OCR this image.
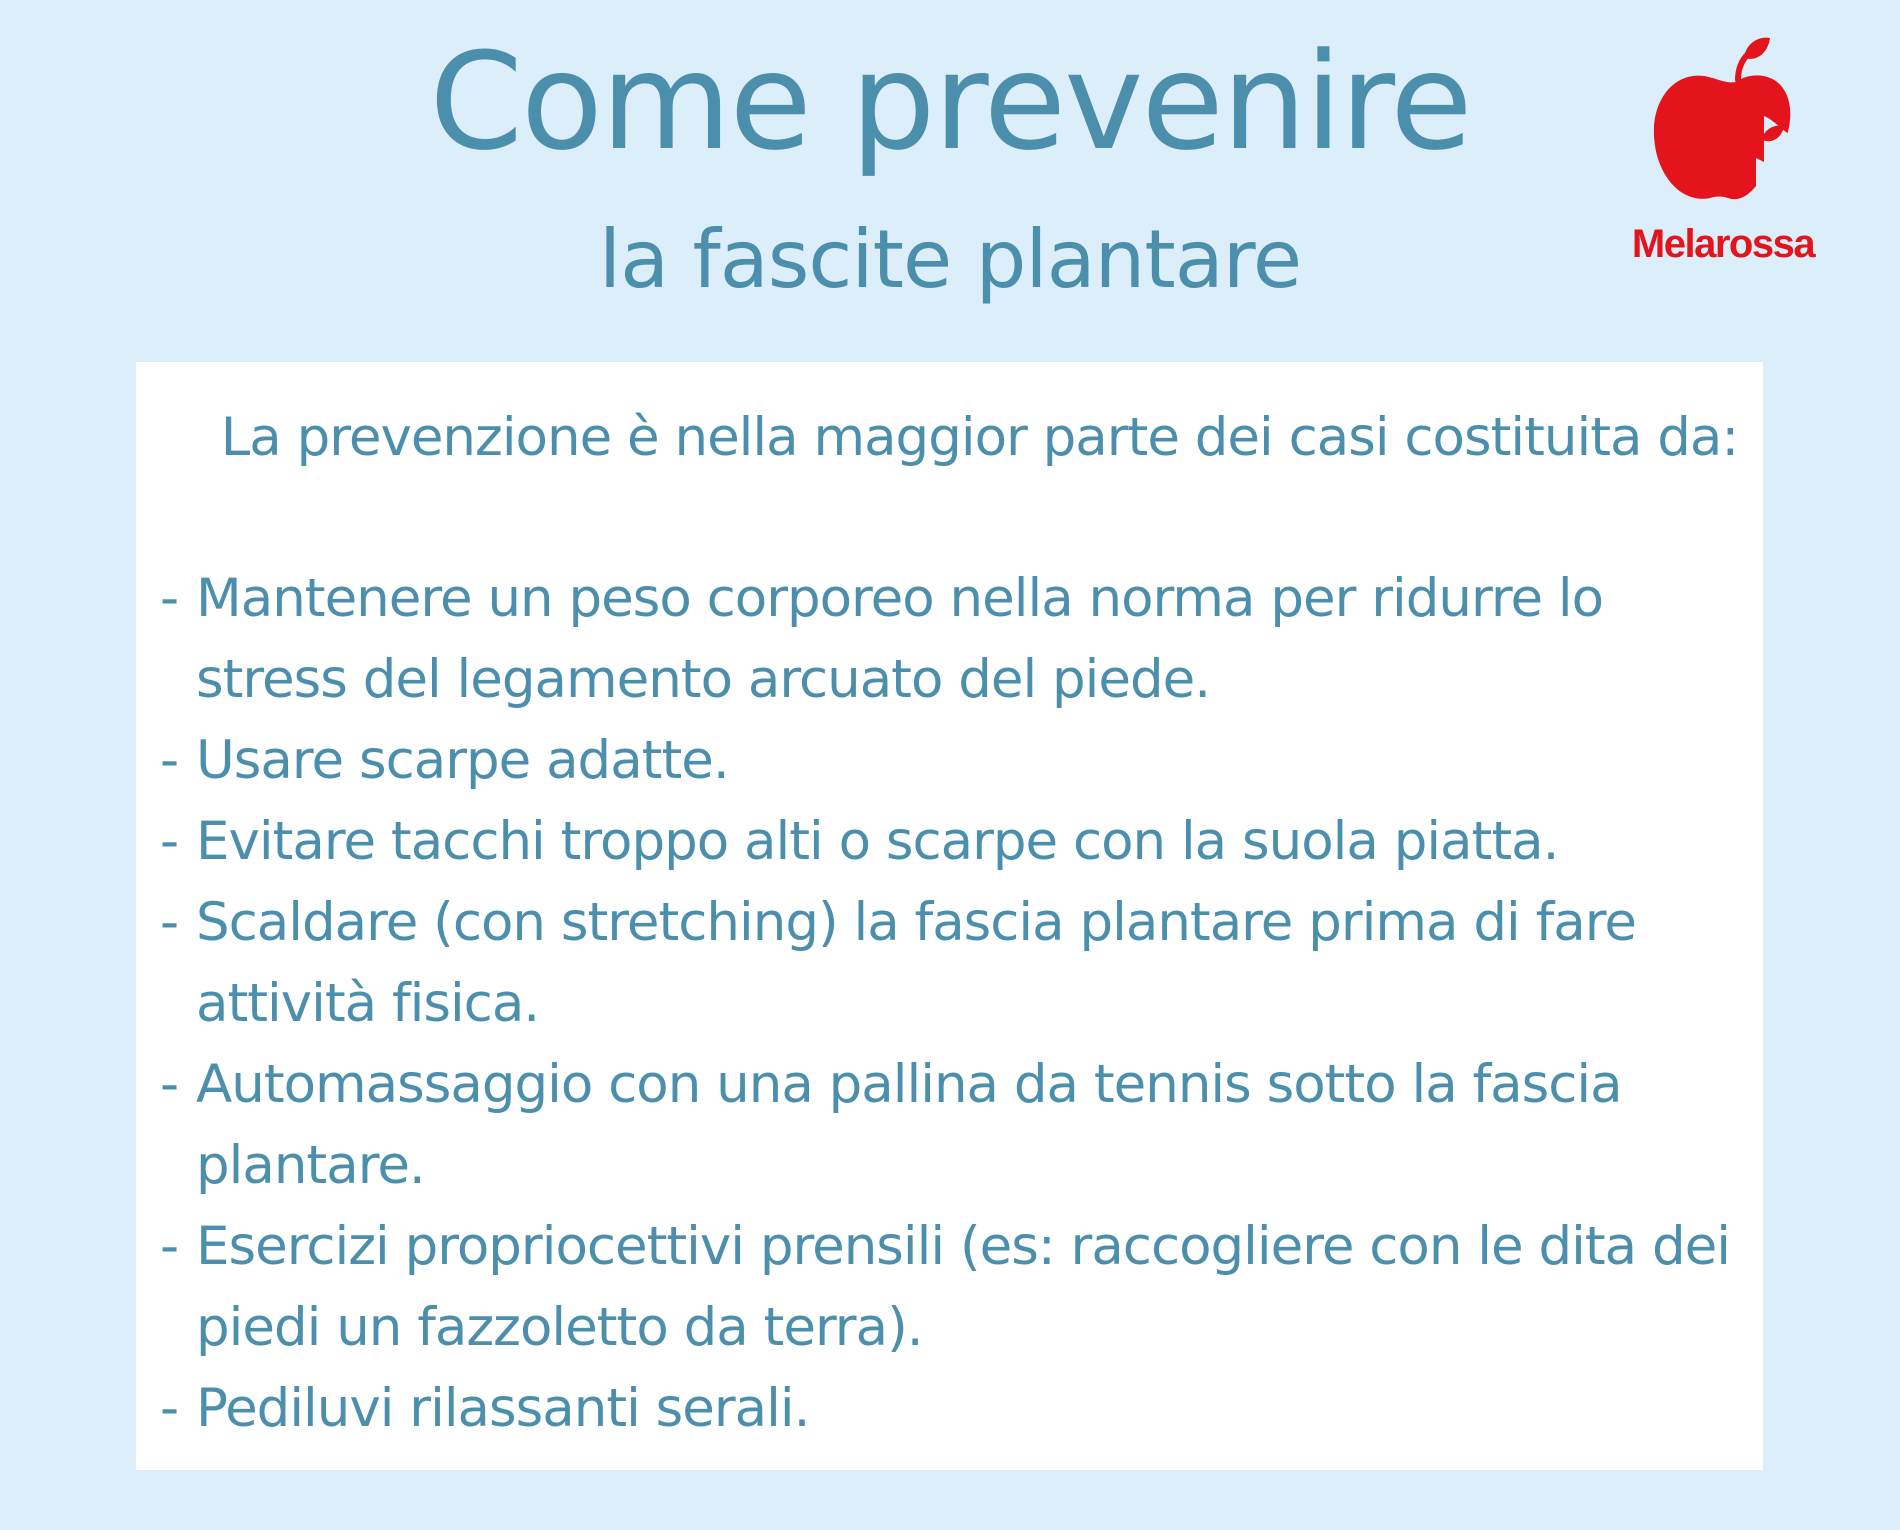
Come prevenire
la fascite plantare	Melarossa
La prevenzione è nella maggior parte dei casi costituita da:
- Mantenere un peso corporeo nella norma per ridurre lo stress del legamento arcuato del piede.
- Usare scarpe adatte.
- Evitare tacchi troppo alti o scarpe con la suola piatta.
- Scaldare (con stretching) la fascia plantare prima di fare attività fisica.
- Automassaggio con una pallina da tennis sotto la fascia plantare.
- Esercizi propriocettivi prensili (es: raccogliere con le dita dei piedi un fazzoletto da terra).
- Pediluvi rilassanti serali.
